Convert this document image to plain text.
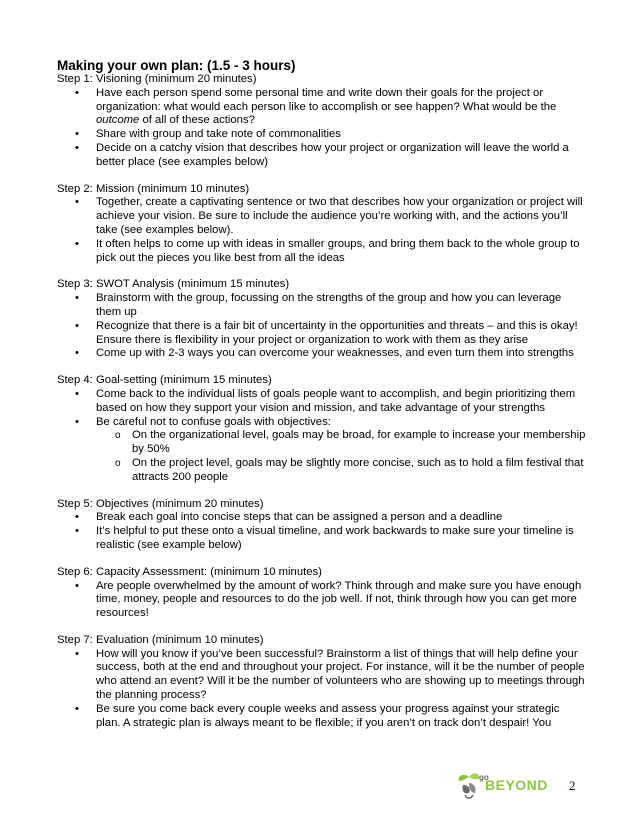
Making your own plan: (1.5 - 3 hours)

Step 1: Visioning (minimum 20 minutes)

• Have each person spend some personal time and write down their goals for the project or organization: what would each person like to accomplish or see happen? What would be the outcome of all of these actions?
• Share with group and take note of commonalities
• Decide on a catchy vision that describes how your project or organization will leave the world a better place (see examples below)

Step 2: Mission (minimum 10 minutes)

• Together, create a captivating sentence or two that describes how your organization or project will achieve your vision. Be sure to include the audience you’re working with, and the actions you’ll take (see examples below).
• It often helps to come up with ideas in smaller groups, and bring them back to the whole group to pick out the pieces you like best from all the ideas

Step 3: SWOT Analysis (minimum 15 minutes)

• Brainstorm with the group, focussing on the strengths of the group and how you can leverage them up
• Recognize that there is a fair bit of uncertainty in the opportunities and threats – and this is okay! Ensure there is flexibility in your project or organization to work with them as they arise
• Come up with 2-3 ways you can overcome your weaknesses, and even turn them into strengths

Step 4: Goal-setting (minimum 15 minutes)

• Come back to the individual lists of goals people want to accomplish, and begin prioritizing them based on how they support your vision and mission, and take advantage of your strengths
• Be careful not to confuse goals with objectives:
o On the organizational level, goals may be broad, for example to increase your membership by 50%
o On the project level, goals may be slightly more concise, such as to hold a film festival that attracts 200 people

Step 5: Objectives (minimum 20 minutes)

• Break each goal into concise steps that can be assigned a person and a deadline
• It’s helpful to put these onto a visual timeline, and work backwards to make sure your timeline is realistic (see example below)

Step 6: Capacity Assessment: (minimum 10 minutes)

• Are people overwhelmed by the amount of work? Think through and make sure you have enough time, money, people and resources to do the job well. If not, think through how you can get more resources!

Step 7: Evaluation (minimum 10 minutes)

• How will you know if you’ve been successful? Brainstorm a list of things that will help define your success, both at the end and throughout your project. For instance, will it be the number of people who attend an event? Will it be the number of volunteers who are showing up to meetings through the planning process?
• Be sure you come back every couple weeks and assess your progress against your strategic plan. A strategic plan is always meant to be flexible; if you aren’t on track don’t despair! You
go
BEYOND 2
